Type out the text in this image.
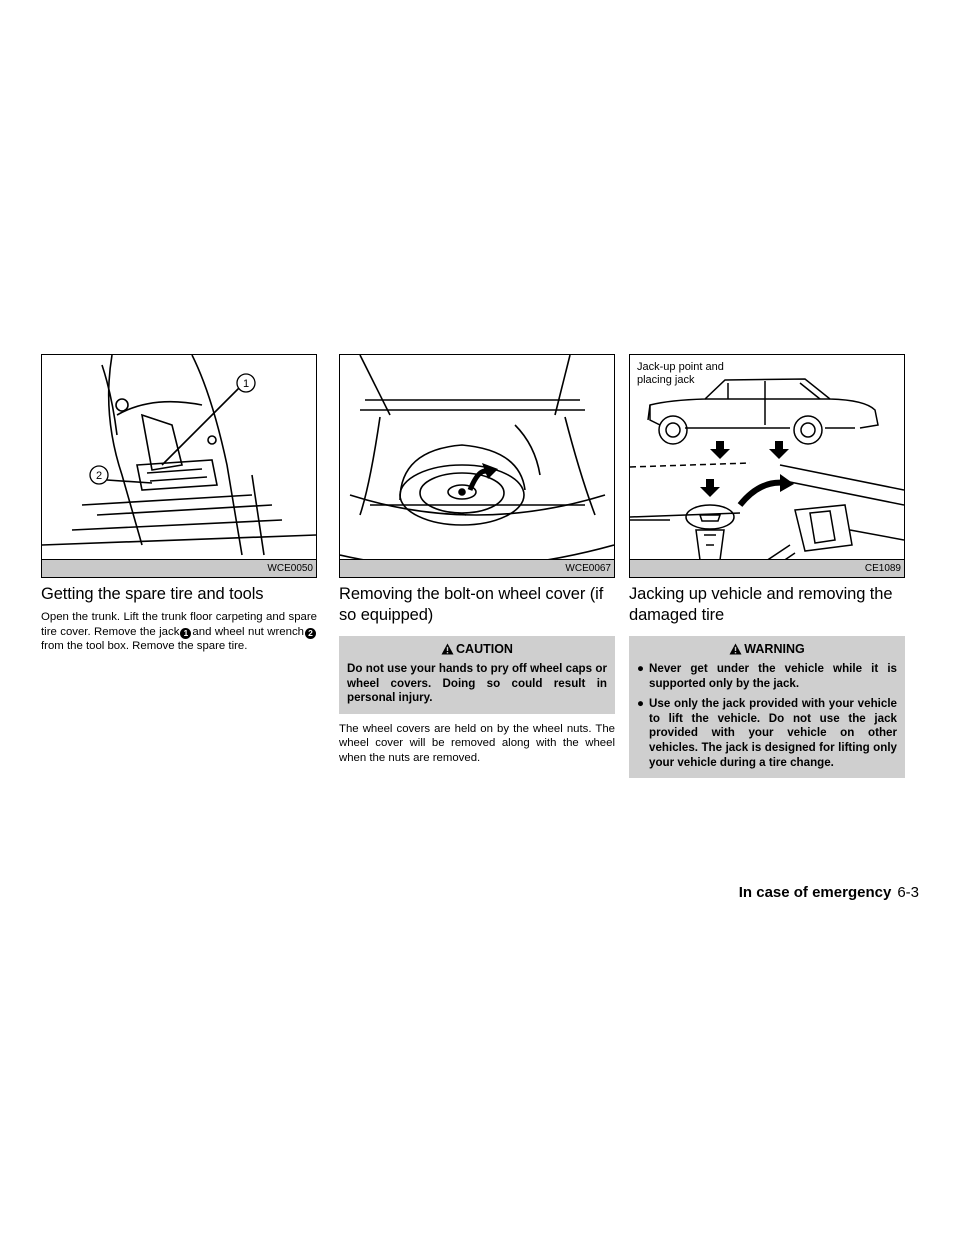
1
2
WCE0050
Getting the spare tire and tools

Open the trunk. Lift the trunk floor carpeting and spare tire cover. Remove the jack 1 and wheel nut wrench 2from the tool box. Remove the spare tire.

WCE0067
Removing the bolt-on wheel cover (if so equipped)
CAUTION

Do not use your hands to pry off wheel caps or wheel covers. Doing so could result in personal injury.

The wheel covers are held on by the wheel nuts. The wheel cover will be removed along with the wheel when the nuts are removed.

Jack-up point and
placing jack
CE1089
Jacking up vehicle and removing the damaged tire
WARNING
● Never get under the vehicle while it is supported only by the jack.
● Use only the jack provided with your vehicle to lift the vehicle. Do not use the jack provided with your vehicle on other vehicles. The jack is designed for lifting only your vehicle during a tire change.
In case of emergency 6-3
